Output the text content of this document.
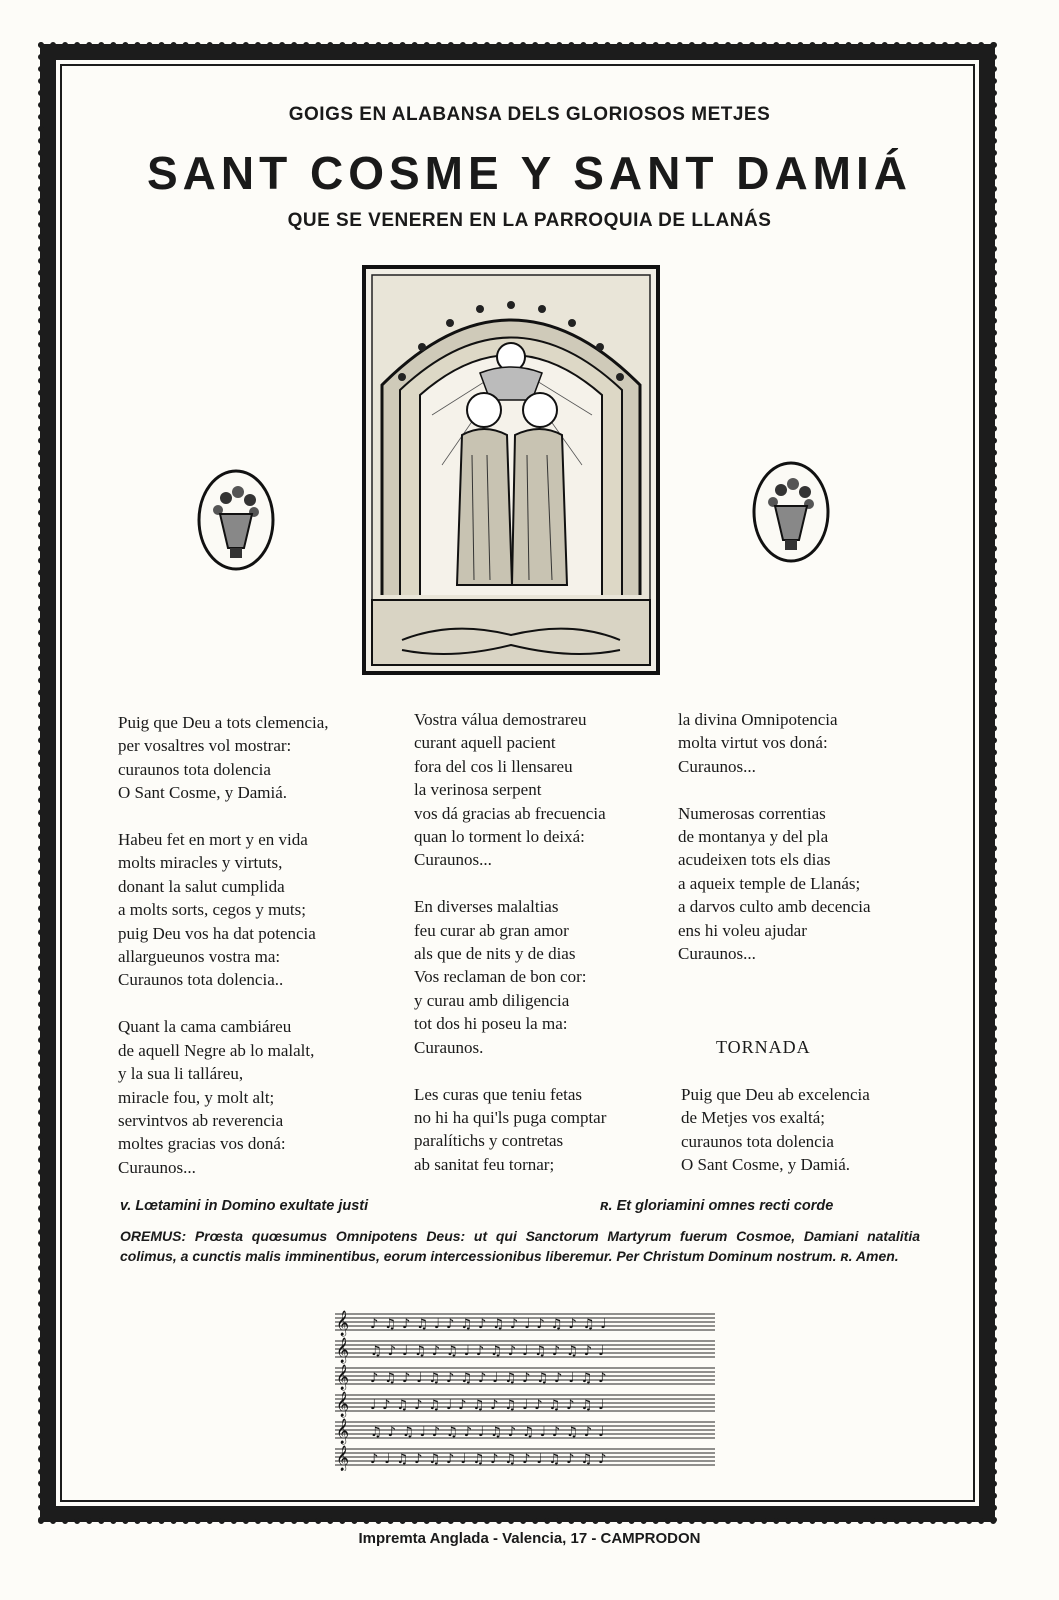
GOIGS EN ALABANSA DELS GLORIOSOS METJES
SANT COSME Y SANT DAMIÁ
QUE SE VENEREN EN LA PARROQUIA DE LLANÁS
Puig que Deu a tots clemencia,
per vosaltres vol mostrar:
curaunos tota dolencia
O Sant Cosme, y Damiá.

Habeu fet en mort y en vida
molts miracles y virtuts,
donant la salut cumplida
a molts sorts, cegos y muts;
puig Deu vos ha dat potencia
allargueunos vostra ma:
Curaunos tota dolencia..

Quant la cama cambiáreu
de aquell Negre ab lo malalt,
y la sua li talláreu,
miracle fou, y molt alt;
servintvos ab reverencia
moltes gracias vos doná:
Curaunos...
Vostra válua demostrareu
curant aquell pacient
fora del cos li llensareu
la verinosa serpent
vos dá gracias ab frecuencia
quan lo torment lo deixá:
Curaunos...

En diverses malaltias
feu curar ab gran amor
als que de nits y de dias
Vos reclaman de bon cor:
y curau amb diligencia
tot dos hi poseu la ma:
Curaunos.

Les curas que teniu fetas
no hi ha qui'ls puga comptar
paralítichs y contretas
ab sanitat feu tornar;
la divina Omnipotencia
molta virtut vos doná:
Curaunos...

Numerosas correntias
de montanya y del pla
acudeixen tots els dias
a aqueix temple de Llanás;
a darvos culto amb decencia
ens hi voleu ajudar
Curaunos...
TORNADA
Puig que Deu ab excelencia
de Metjes vos exaltá;
curaunos tota dolencia
O Sant Cosme, y Damiá.
v. Lœtamini in Domino exultate justi	ʀ. Et gloriamini omnes recti corde
OREMUS: Prœsta quœsumus Omnipotens Deus: ut qui Sanctorum Martyrum fuerum Cosmoe, Damiani natalitia colimus, a cunctis malis imminentibus, eorum intercessionibus liberemur. Per Christum Dominum nostrum. ʀ. Amen.
𝄞
𝄞
𝄞
𝄞
𝄞
𝄞
♪♫♪♫♩♪♫♪♫♪♩♪♫♪♫♩
♫♪♩♫♪♫♩♪♫♪♩♫♪♫♪♩
♪♫♪♩♫♪♫♪♩♫♪♫♪♩♫♪
♩♪♫♪♫♩♪♫♪♫♩♪♫♪♫♩
♫♪♫♩♪♫♪♩♫♪♫♩♪♫♪♩
♪♩♫♪♫♪♩♫♪♫♪♩♫♪♫♪
Impremta Anglada - Valencia, 17 - CAMPRODON
